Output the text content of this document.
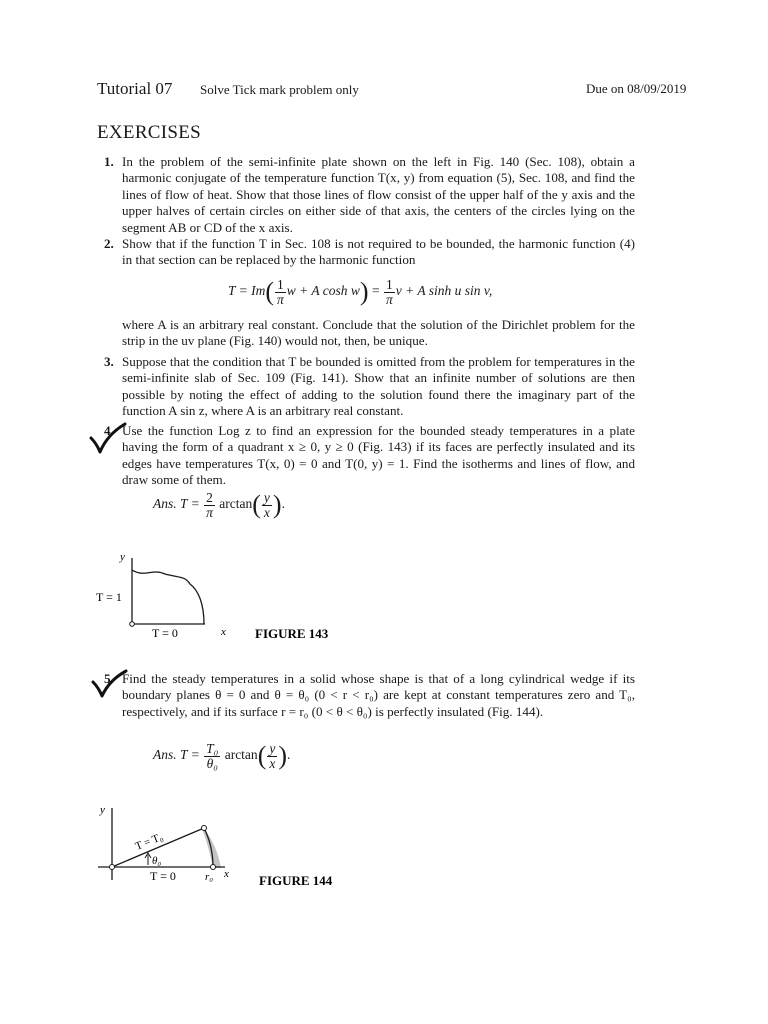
Tutorial 07 Solve Tick mark problem only	Due on 08/09/2019
EXERCISES
1. In the problem of the semi-infinite plate shown on the left in Fig. 140 (Sec. 108), obtain a harmonic conjugate of the temperature function T(x, y) from equation (5), Sec. 108, and find the lines of flow of heat. Show that those lines of flow consist of the upper half of the y axis and the upper halves of certain circles on either side of that axis, the centers of the circles lying on the segment AB or CD of the x axis.
2. Show that if the function T in Sec. 108 is not required to be bounded, the harmonic function (4) in that section can be replaced by the harmonic function
$T = Im( \frac{1}{\pi}$ w + A $\cosh w) = \frac{1}{\pi}$ v + A sinh u sin v,
where A is an arbitrary real constant. Conclude that the solution of the Dirichlet problem for the strip in the uv plane (Fig. 140) would not, then, be unique.
3. Suppose that the condition that T be bounded is omitted from the problem for temperatures in the semi-infinite slab of Sec. 109 (Fig. 141). Show that an infinite number of solutions are then possible by noting the effect of adding to the solution found there the imaginary part of the function A sin z, where A is an arbitrary real constant.
4. Use the function Log z to find an expression for the bounded steady temperatures in a plate having the form of a quadrant x ≥ 0, y ≥ 0 (Fig. 143) if its faces are perfectly insulated and its edges have temperatures T(x, 0) = 0 and T(0, y) = 1. Find the isotherms and lines of flow, and draw some of them.
Ans. $T = \frac{2}{\pi} \arctan( \frac{y}{x}$ ).
y
x
T = 1
T = 0	FIGURE 143
5. Find the steady temperatures in a solid whose shape is that of a long cylindrical wedge if its boundary planes θ = 0 and θ = θ₀ (0 < r < r₀) are kept at constant temperatures zero and T₀, respectively, and if its surface r = r₀ (0 < θ < θ₀) is perfectly insulated (Fig. 144).
Ans. $T = \frac{\text{T₀}}{\text{θ₀}} \arctan( \frac{y}{x}$ ).
y
x
r₀
θ₀
T = T₀
T = 0	FIGURE 144
